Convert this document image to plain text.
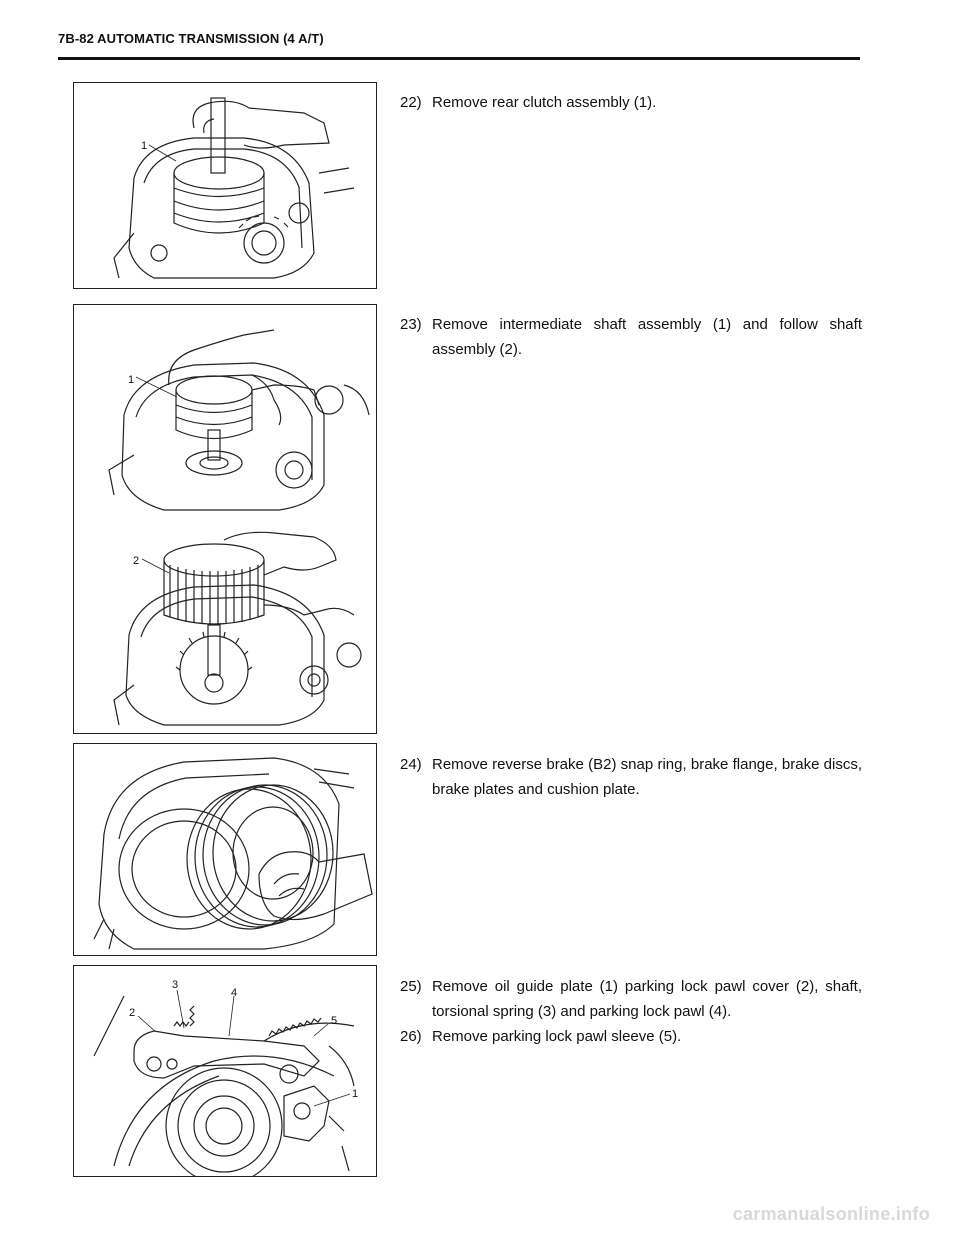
7B-82 AUTOMATIC TRANSMISSION (4 A/T)
1
22) Remove rear clutch assembly (1).
1
2
23) Remove intermediate shaft assembly (1) and follow shaft assembly (2).
24) Remove reverse brake (B2) snap ring, brake flange, brake discs, brake plates and cushion plate.
3
4
2
5
1
25) Remove oil guide plate (1) parking lock pawl cover (2), shaft, torsional spring (3) and parking lock pawl (4).
26) Remove parking lock pawl sleeve (5).
carmanualsonline.info
